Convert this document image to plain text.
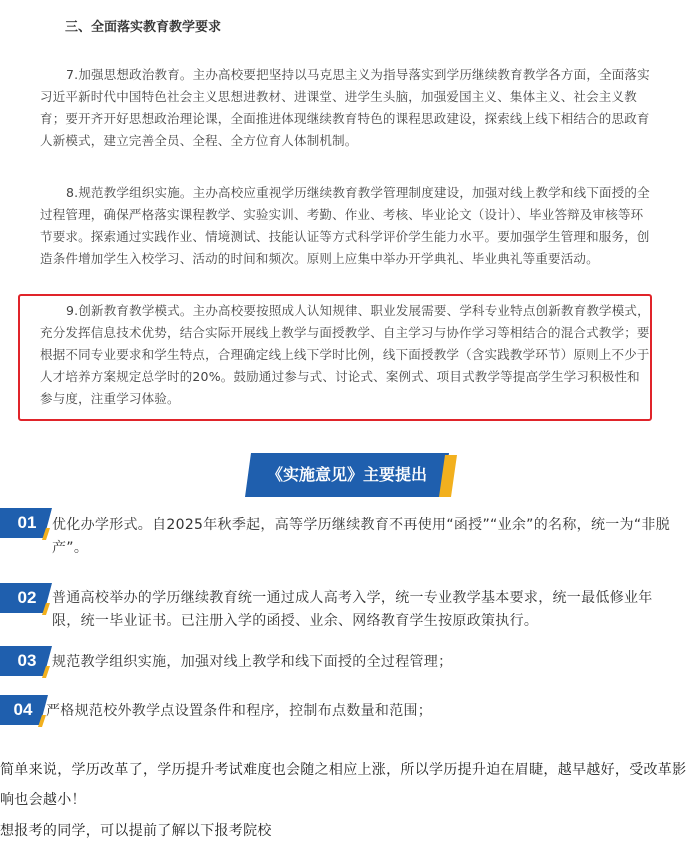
三、全面落实教育教学要求
7.加强思想政治教育。主办高校要把坚持以马克思主义为指导落实到学历继续教育教学各方面，全面落实习近平新时代中国特色社会主义思想进教材、进课堂、进学生头脑，加强爱国主义、集体主义、社会主义教育；要开齐开好思想政治理论课，全面推进体现继续教育特色的课程思政建设，探索线上线下相结合的思政育人新模式，建立完善全员、全程、全方位育人体制机制。
8.规范教学组织实施。主办高校应重视学历继续教育教学管理制度建设，加强对线上教学和线下面授的全过程管理，确保严格落实课程教学、实验实训、考勤、作业、考核、毕业论文（设计）、毕业答辩及审核等环节要求。探索通过实践作业、情境测试、技能认证等方式科学评价学生能力水平。要加强学生管理和服务，创造条件增加学生入校学习、活动的时间和频次。原则上应集中举办开学典礼、毕业典礼等重要活动。
9.创新教育教学模式。主办高校要按照成人认知规律、职业发展需要、学科专业特点创新教育教学模式，充分发挥信息技术优势，结合实际开展线上教学与面授教学、自主学习与协作学习等相结合的混合式教学；要根据不同专业要求和学生特点，合理确定线上线下学时比例，线下面授教学（含实践教学环节）原则上不少于人才培养方案规定总学时的20%。鼓励通过参与式、讨论式、案例式、项目式教学等提高学生学习积极性和参与度，注重学习体验。
《实施意见》主要提出
01	优化办学形式。自2025年秋季起，高等学历继续教育不再使用“函授”“业余”的名称，统一为“非脱产”。
02	普通高校举办的学历继续教育统一通过成人高考入学，统一专业教学基本要求，统一最低修业年限，统一毕业证书。已注册入学的函授、业余、网络教育学生按原政策执行。
03	规范教学组织实施，加强对线上教学和线下面授的全过程管理；
04 严格规范校外教学点设置条件和程序，控制布点数量和范围；
简单来说，学历改革了，学历提升考试难度也会随之相应上涨，所以学历提升迫在眉睫，越早越好，受改革影响也会越小！
想报考的同学，可以提前了解以下报考院校
